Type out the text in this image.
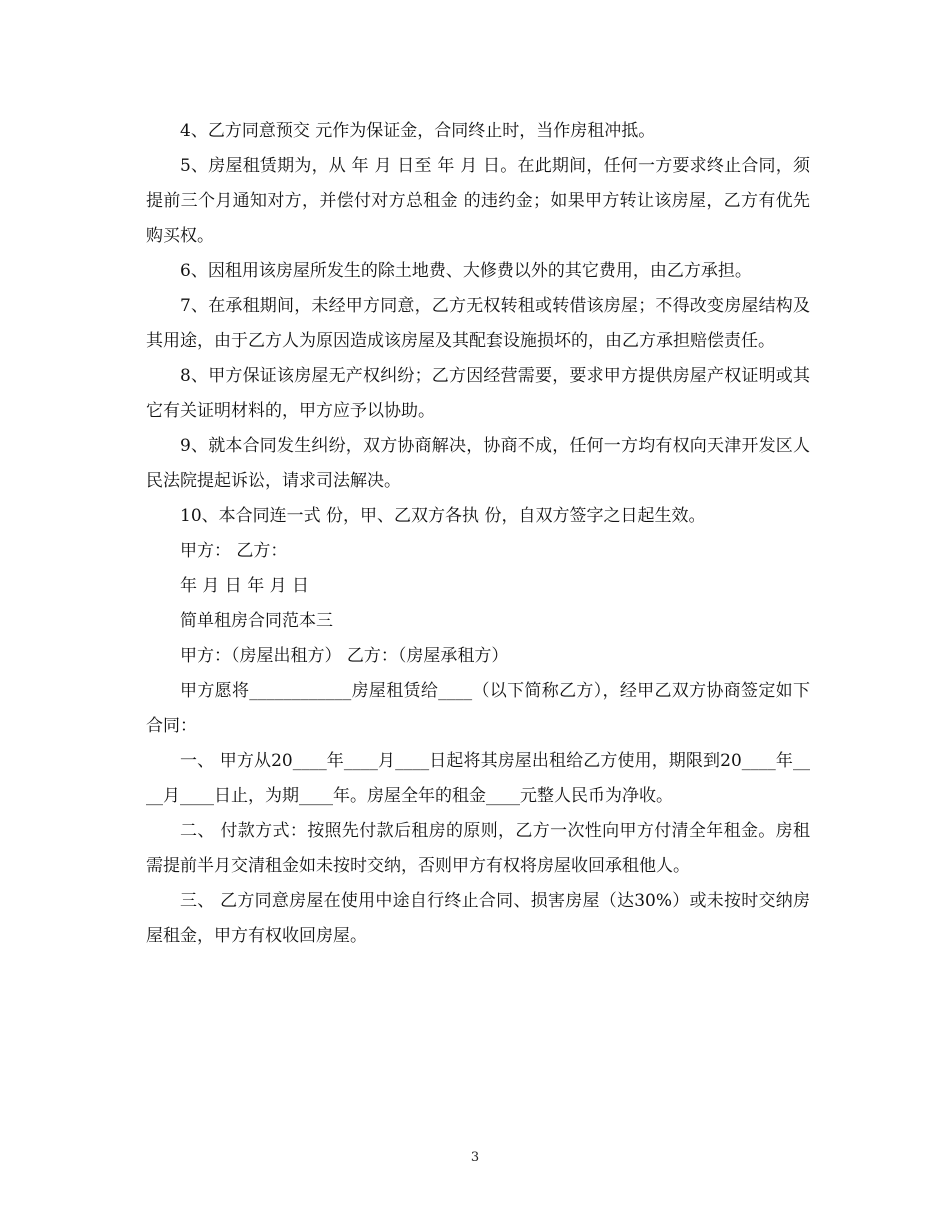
4、乙方同意预交 元作为保证金，合同终止时，当作房租冲抵。

5、房屋租赁期为，从 年 月 日至 年 月 日。在此期间，任何一方要求终止合同，须提前三个月通知对方，并偿付对方总租金 的违约金；如果甲方转让该房屋，乙方有优先购买权。

6、因租用该房屋所发生的除土地费、大修费以外的其它费用，由乙方承担。

7、在承租期间，未经甲方同意，乙方无权转租或转借该房屋；不得改变房屋结构及其用途，由于乙方人为原因造成该房屋及其配套设施损坏的，由乙方承担赔偿责任。

8、甲方保证该房屋无产权纠纷；乙方因经营需要，要求甲方提供房屋产权证明或其它有关证明材料的，甲方应予以协助。

9、就本合同发生纠纷，双方协商解决，协商不成，任何一方均有权向天津开发区人民法院提起诉讼，请求司法解决。

10、本合同连一式 份，甲、乙双方各执 份，自双方签字之日起生效。

甲方： 乙方：

年 月 日 年 月 日

简单租房合同范本三

甲方：（房屋出租方） 乙方：（房屋承租方）

甲方愿将____________房屋租赁给____（以下简称乙方），经甲乙双方协商签定如下合同：

一、 甲方从20____年____月____日起将其房屋出租给乙方使用，期限到20____年____月____日止，为期____年。房屋全年的租金____元整人民币为净收。

二、 付款方式：按照先付款后租房的原则，乙方一次性向甲方付清全年租金。房租需提前半月交清租金如未按时交纳，否则甲方有权将房屋收回承租他人。

三、 乙方同意房屋在使用中途自行终止合同、损害房屋（达30%）或未按时交纳房屋租金，甲方有权收回房屋。

3
